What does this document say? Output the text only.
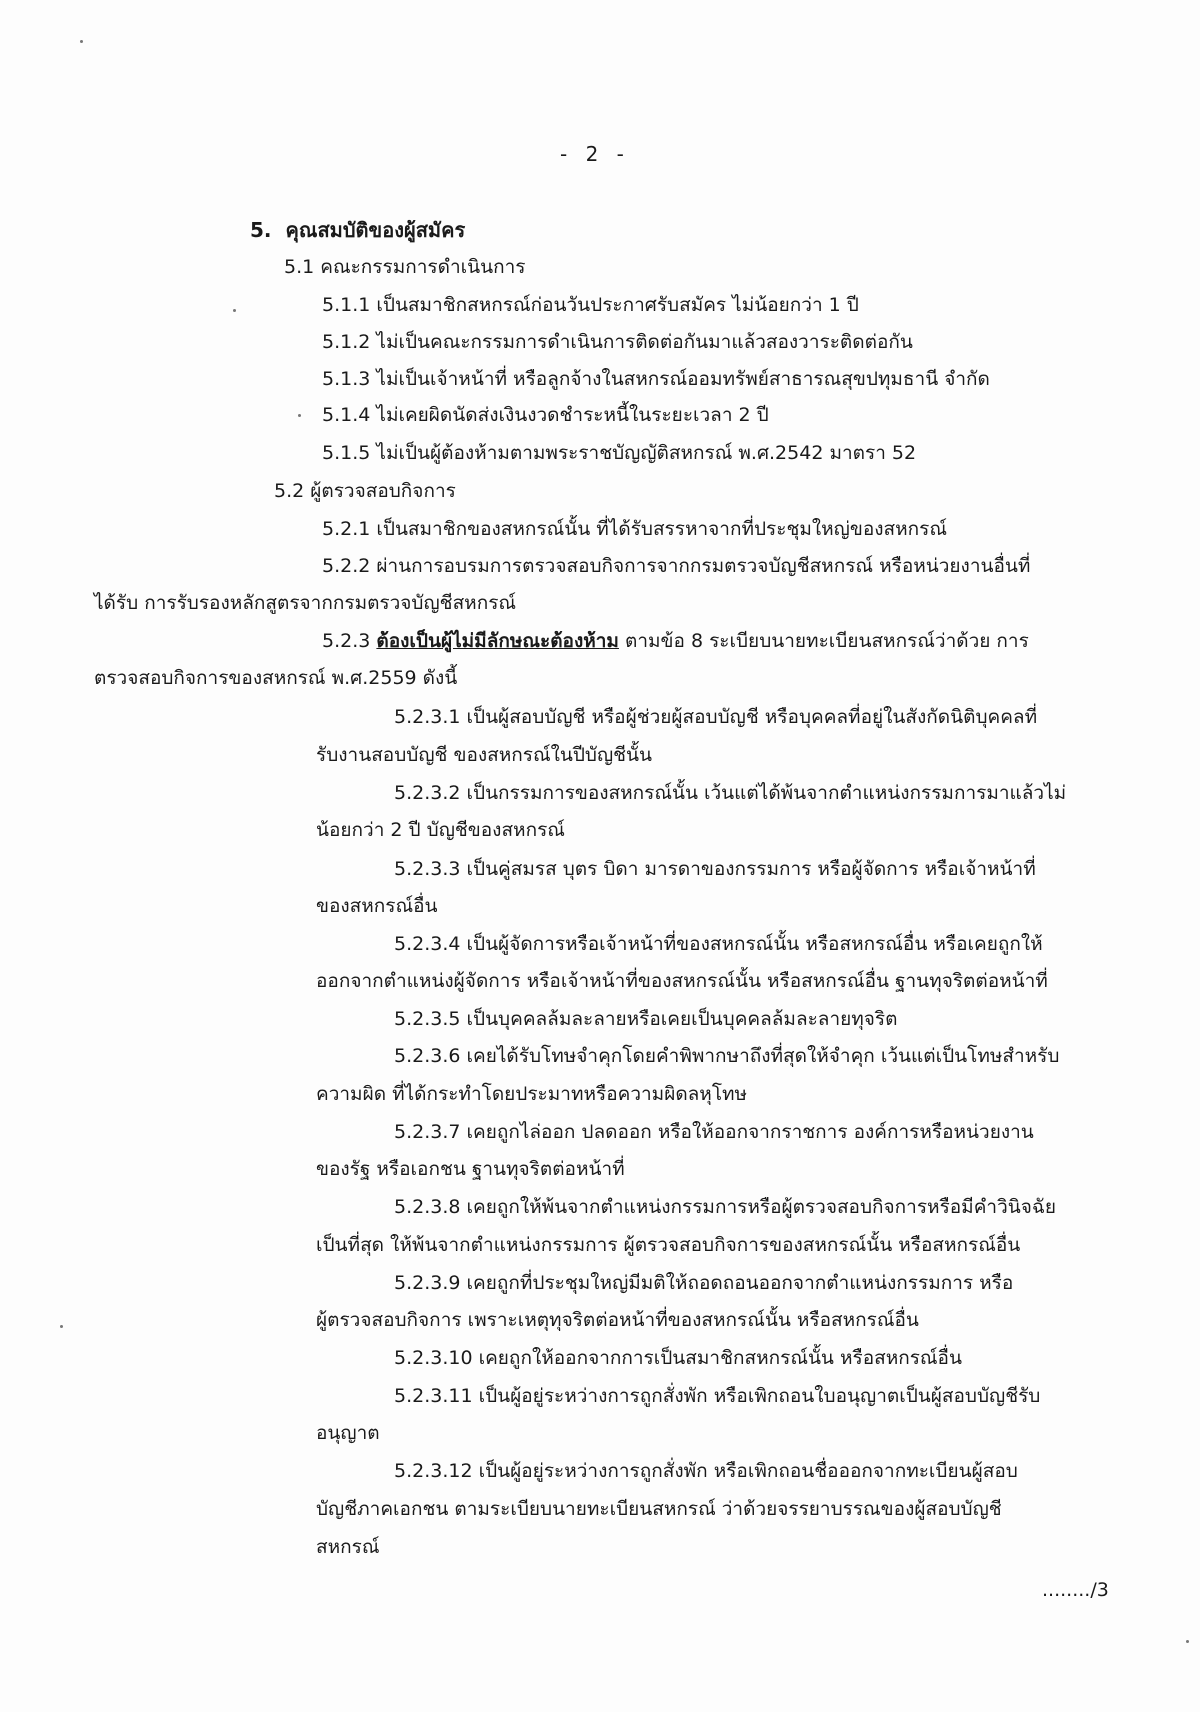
- 2 -
5. คุณสมบัติของผู้สมัคร
5.1 คณะกรรมการดำเนินการ
5.1.1 เป็นสมาชิกสหกรณ์ก่อนวันประกาศรับสมัคร ไม่น้อยกว่า 1 ปี
5.1.2 ไม่เป็นคณะกรรมการดำเนินการติดต่อกันมาแล้วสองวาระติดต่อกัน
5.1.3 ไม่เป็นเจ้าหน้าที่ หรือลูกจ้างในสหกรณ์ออมทรัพย์สาธารณสุขปทุมธานี จำกัด
5.1.4 ไม่เคยผิดนัดส่งเงินงวดชำระหนี้ในระยะเวลา 2 ปี
5.1.5 ไม่เป็นผู้ต้องห้ามตามพระราชบัญญัติสหกรณ์ พ.ศ.2542 มาตรา 52
5.2 ผู้ตรวจสอบกิจการ
5.2.1 เป็นสมาชิกของสหกรณ์นั้น ที่ได้รับสรรหาจากที่ประชุมใหญ่ของสหกรณ์
5.2.2 ผ่านการอบรมการตรวจสอบกิจการจากกรมตรวจบัญชีสหกรณ์ หรือหน่วยงานอื่นที่
ได้รับ การรับรองหลักสูตรจากกรมตรวจบัญชีสหกรณ์
5.2.3 ต้องเป็นผู้ไม่มีลักษณะต้องห้าม ตามข้อ 8 ระเบียบนายทะเบียนสหกรณ์ว่าด้วย การ
ตรวจสอบกิจการของสหกรณ์ พ.ศ.2559 ดังนี้
5.2.3.1 เป็นผู้สอบบัญชี หรือผู้ช่วยผู้สอบบัญชี หรือบุคคลที่อยู่ในสังกัดนิติบุคคลที่
รับงานสอบบัญชี ของสหกรณ์ในปีบัญชีนั้น
5.2.3.2 เป็นกรรมการของสหกรณ์นั้น เว้นแต่ได้พ้นจากตำแหน่งกรรมการมาแล้วไม่
น้อยกว่า 2 ปี บัญชีของสหกรณ์
5.2.3.3 เป็นคู่สมรส บุตร บิดา มารดาของกรรมการ หรือผู้จัดการ หรือเจ้าหน้าที่
ของสหกรณ์อื่น
5.2.3.4 เป็นผู้จัดการหรือเจ้าหน้าที่ของสหกรณ์นั้น หรือสหกรณ์อื่น หรือเคยถูกให้
ออกจากตำแหน่งผู้จัดการ หรือเจ้าหน้าที่ของสหกรณ์นั้น หรือสหกรณ์อื่น ฐานทุจริตต่อหน้าที่
5.2.3.5 เป็นบุคคลล้มละลายหรือเคยเป็นบุคคลล้มละลายทุจริต
5.2.3.6 เคยได้รับโทษจำคุกโดยคำพิพากษาถึงที่สุดให้จำคุก เว้นแต่เป็นโทษสำหรับ
ความผิด ที่ได้กระทำโดยประมาทหรือความผิดลหุโทษ
5.2.3.7 เคยถูกไล่ออก ปลดออก หรือให้ออกจากราชการ องค์การหรือหน่วยงาน
ของรัฐ หรือเอกชน ฐานทุจริตต่อหน้าที่
5.2.3.8 เคยถูกให้พ้นจากตำแหน่งกรรมการหรือผู้ตรวจสอบกิจการหรือมีคำวินิจฉัย
เป็นที่สุด ให้พ้นจากตำแหน่งกรรมการ ผู้ตรวจสอบกิจการของสหกรณ์นั้น หรือสหกรณ์อื่น
5.2.3.9 เคยถูกที่ประชุมใหญ่มีมติให้ถอดถอนออกจากตำแหน่งกรรมการ หรือ
ผู้ตรวจสอบกิจการ เพราะเหตุทุจริตต่อหน้าที่ของสหกรณ์นั้น หรือสหกรณ์อื่น
5.2.3.10 เคยถูกให้ออกจากการเป็นสมาชิกสหกรณ์นั้น หรือสหกรณ์อื่น
5.2.3.11 เป็นผู้อยู่ระหว่างการถูกสั่งพัก หรือเพิกถอนใบอนุญาตเป็นผู้สอบบัญชีรับ
อนุญาต
5.2.3.12 เป็นผู้อยู่ระหว่างการถูกสั่งพัก หรือเพิกถอนชื่อออกจากทะเบียนผู้สอบ
บัญชีภาคเอกชน ตามระเบียบนายทะเบียนสหกรณ์ ว่าด้วยจรรยาบรรณของผู้สอบบัญชี
สหกรณ์
......../3
